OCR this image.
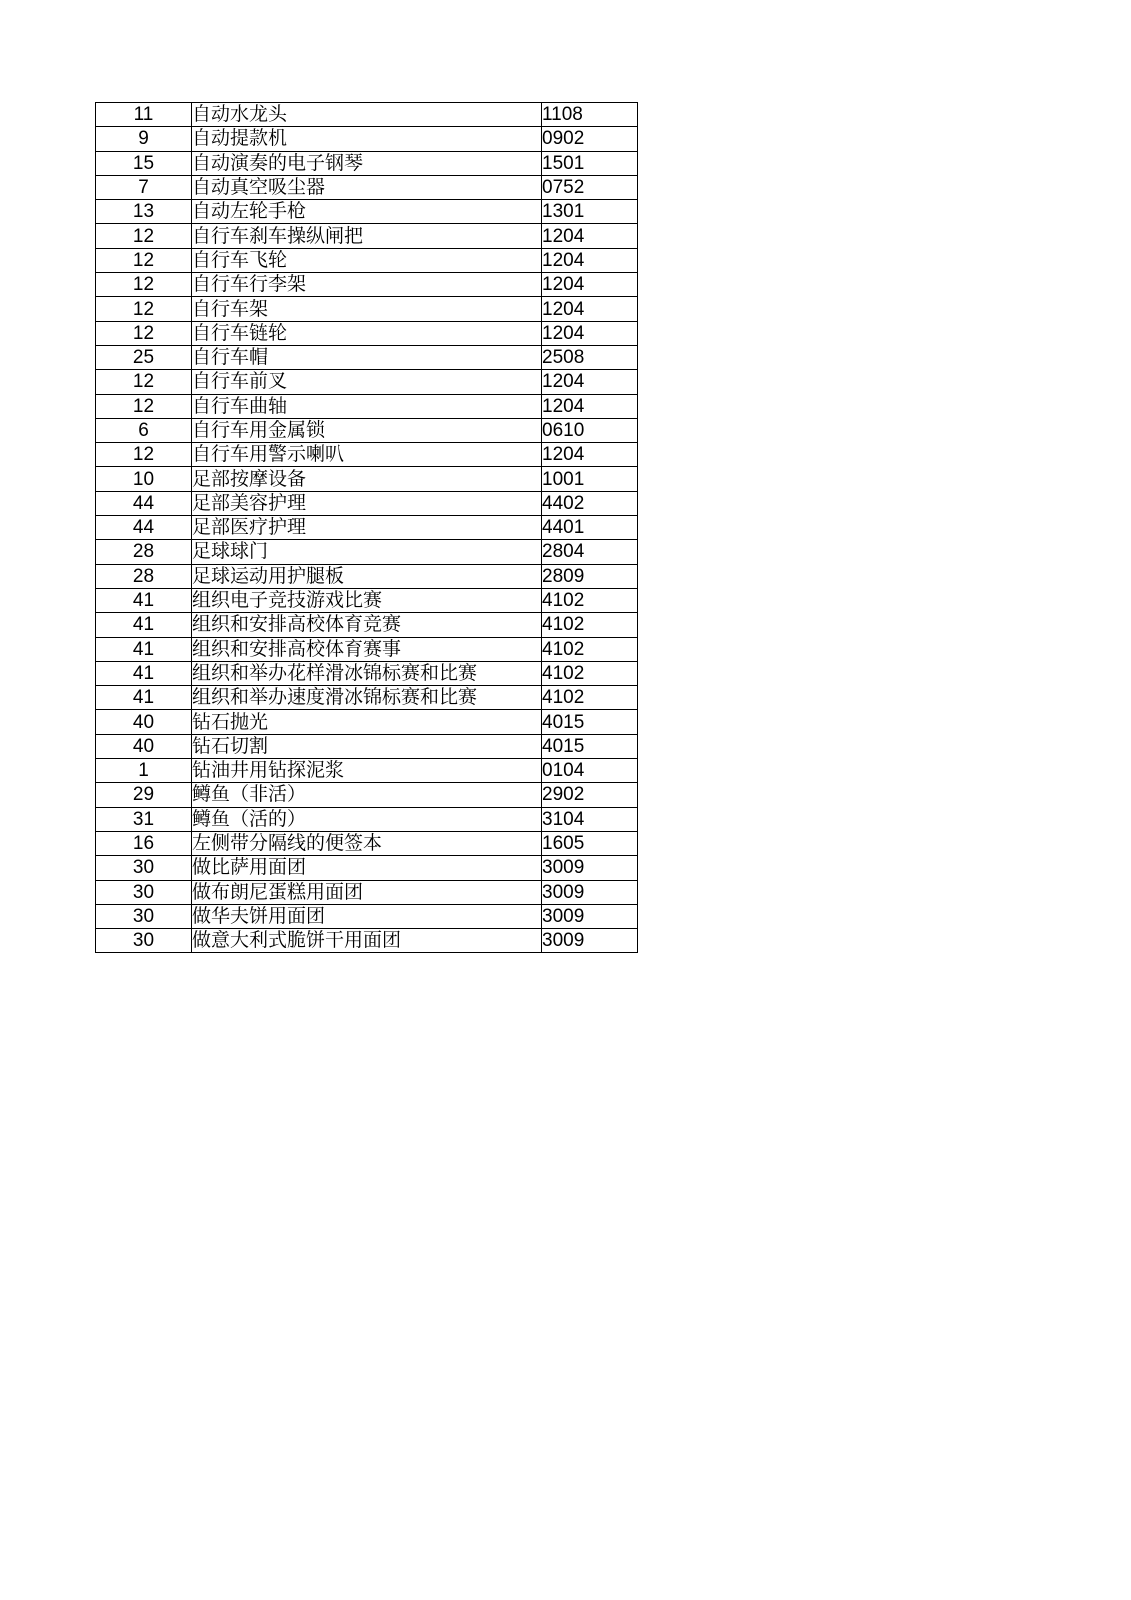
11	自动水龙头	1108
9	自动提款机	0902
15	自动演奏的电子钢琴	1501
7	自动真空吸尘器	0752
13	自动左轮手枪	1301
12	自行车刹车操纵闸把	1204
12	自行车飞轮	1204
12	自行车行李架	1204
12	自行车架	1204
12	自行车链轮	1204
25	自行车帽	2508
12	自行车前叉	1204
12	自行车曲轴	1204
6	自行车用金属锁	0610
12	自行车用警示喇叭	1204
10	足部按摩设备	1001
44	足部美容护理	4402
44	足部医疗护理	4401
28	足球球门	2804
28	足球运动用护腿板	2809
41	组织电子竞技游戏比赛	4102
41	组织和安排高校体育竞赛	4102
41	组织和安排高校体育赛事	4102
41	组织和举办花样滑冰锦标赛和比赛	4102
41	组织和举办速度滑冰锦标赛和比赛	4102
40	钻石抛光	4015
40	钻石切割	4015
1	钻油井用钻探泥浆	0104
29	鳟鱼（非活）	2902
31	鳟鱼（活的）	3104
16	左侧带分隔线的便签本	1605
30	做比萨用面团	3009
30	做布朗尼蛋糕用面团	3009
30	做华夫饼用面团	3009
30	做意大利式脆饼干用面团	3009
